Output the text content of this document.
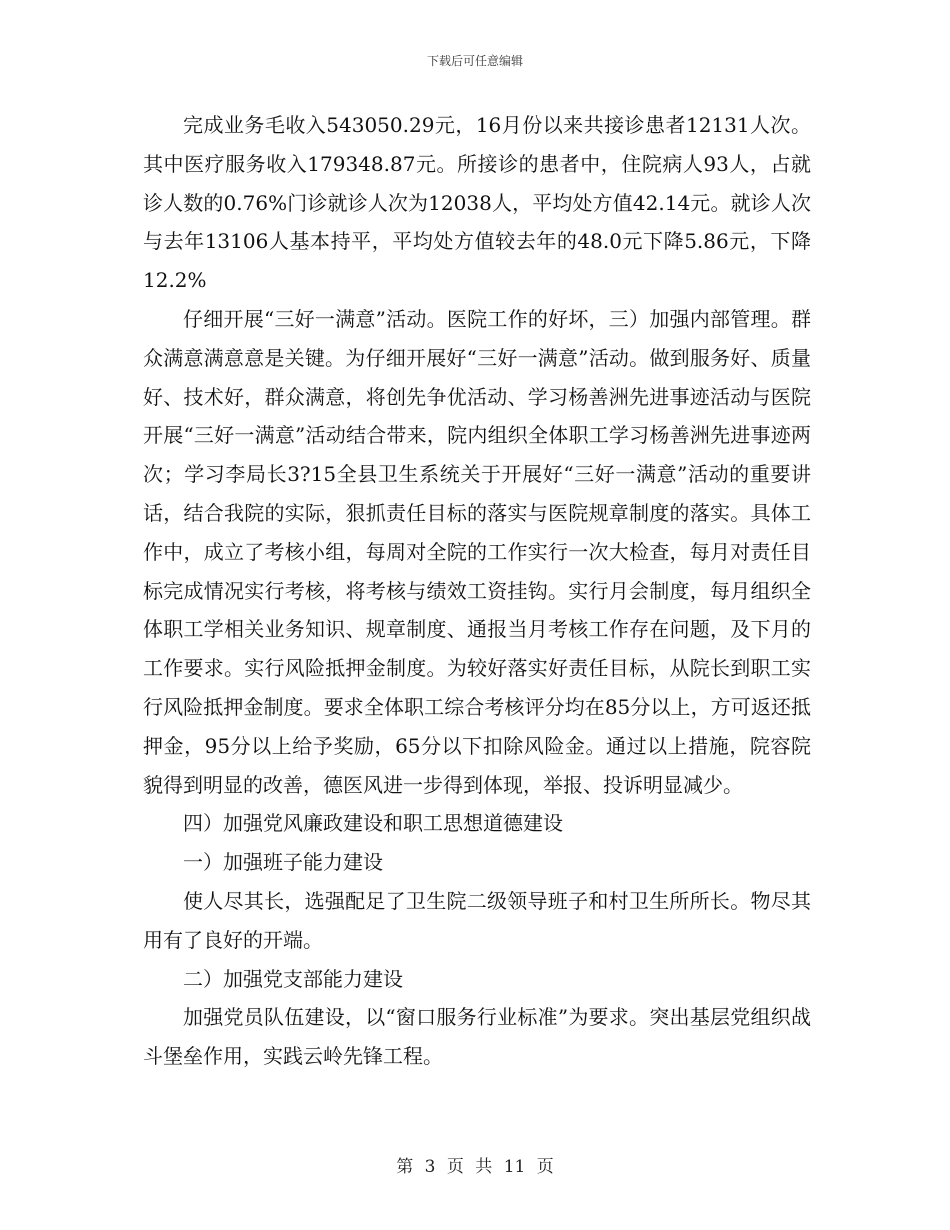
下载后可任意编辑

完成业务毛收入543050.29元，16月份以来共接诊患者12131人次。其中医疗服务收入179348.87元。所接诊的患者中，住院病人93人，占就诊人数的0.76%门诊就诊人次为12038人，平均处方值42.14元。就诊人次与去年13106人基本持平，平均处方值较去年的48.0元下降5.86元，下降12.2%

仔细开展“三好一满意”活动。医院工作的好坏，三）加强内部管理。群众满意满意意是关键。为仔细开展好“三好一满意”活动。做到服务好、质量好、技术好，群众满意，将创先争优活动、学习杨善洲先进事迹活动与医院开展“三好一满意”活动结合带来，院内组织全体职工学习杨善洲先进事迹两次；学习李局长3?15全县卫生系统关于开展好“三好一满意”活动的重要讲话，结合我院的实际，狠抓责任目标的落实与医院规章制度的落实。具体工作中，成立了考核小组，每周对全院的工作实行一次大检查，每月对责任目标完成情况实行考核，将考核与绩效工资挂钩。实行月会制度，每月组织全体职工学相关业务知识、规章制度、通报当月考核工作存在问题，及下月的工作要求。实行风险抵押金制度。为较好落实好责任目标，从院长到职工实行风险抵押金制度。要求全体职工综合考核评分均在85分以上，方可返还抵押金，95分以上给予奖励，65分以下扣除风险金。通过以上措施，院容院貌得到明显的改善，德医风进一步得到体现，举报、投诉明显减少。

四）加强党风廉政建设和职工思想道德建设

一）加强班子能力建设

使人尽其长，选强配足了卫生院二级领导班子和村卫生所所长。物尽其用有了良好的开端。

二）加强党支部能力建设

加强党员队伍建设，以“窗口服务行业标准”为要求。突出基层党组织战斗堡垒作用，实践云岭先锋工程。

第 3 页 共 11 页
